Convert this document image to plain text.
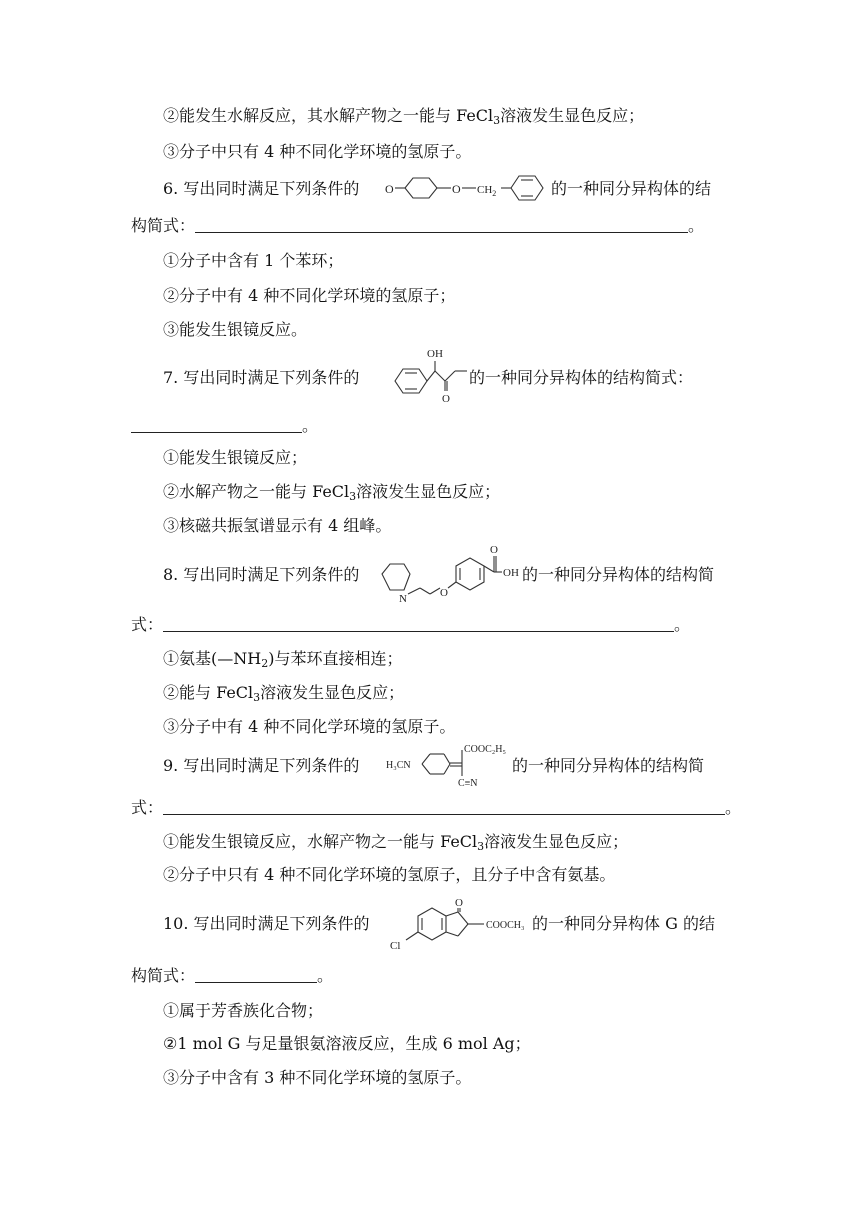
②能发生水解反应，其水解产物之一能与 FeCl$_3$溶液发生显色反应；
③分子中只有 4 种不同化学环境的氢原子。
6. 写出同时满足下列条件的 O	O $CH_2$	的一种同分异构体的结
构简式：	。
①分子中含有 1 个苯环；
②分子中有 4 种不同化学环境的氢原子；
③能发生银镜反应。
7. 写出同时满足下列条件的
OH
O
的一种同分异构体的结构简式：
。
①能发生银镜反应；
②水解产物之一能与 FeCl$_3$溶液发生显色反应；
③核磁共振氢谱显示有 4 组峰。
8. 写出同时满足下列条件的
N	O
O
OH 的一种同分异构体的结构简
式：	。
①氨基$(—NH_2)$与苯环直接相连；
②能与 FeCl$_3$溶液发生显色反应；
③分子中有 4 种不同化学环境的氢原子。
9. 写出同时满足下列条件的	H₃CN
COOC₂H₅
C≡N
的一种同分异构体的结构简
式：	。
①能发生银镜反应，水解产物之一能与 FeCl$_3$溶液发生显色反应；
②分子中只有 4 种不同化学环境的氢原子，且分子中含有氨基。
10. 写出同时满足下列条件的
O
COOCH₃
Cl
的一种同分异构体 G 的结
构简式：	。
①属于芳香族化合物；
②1 mol G 与足量银氨溶液反应，生成 6 mol Ag；
③分子中含有 3 种不同化学环境的氢原子。
